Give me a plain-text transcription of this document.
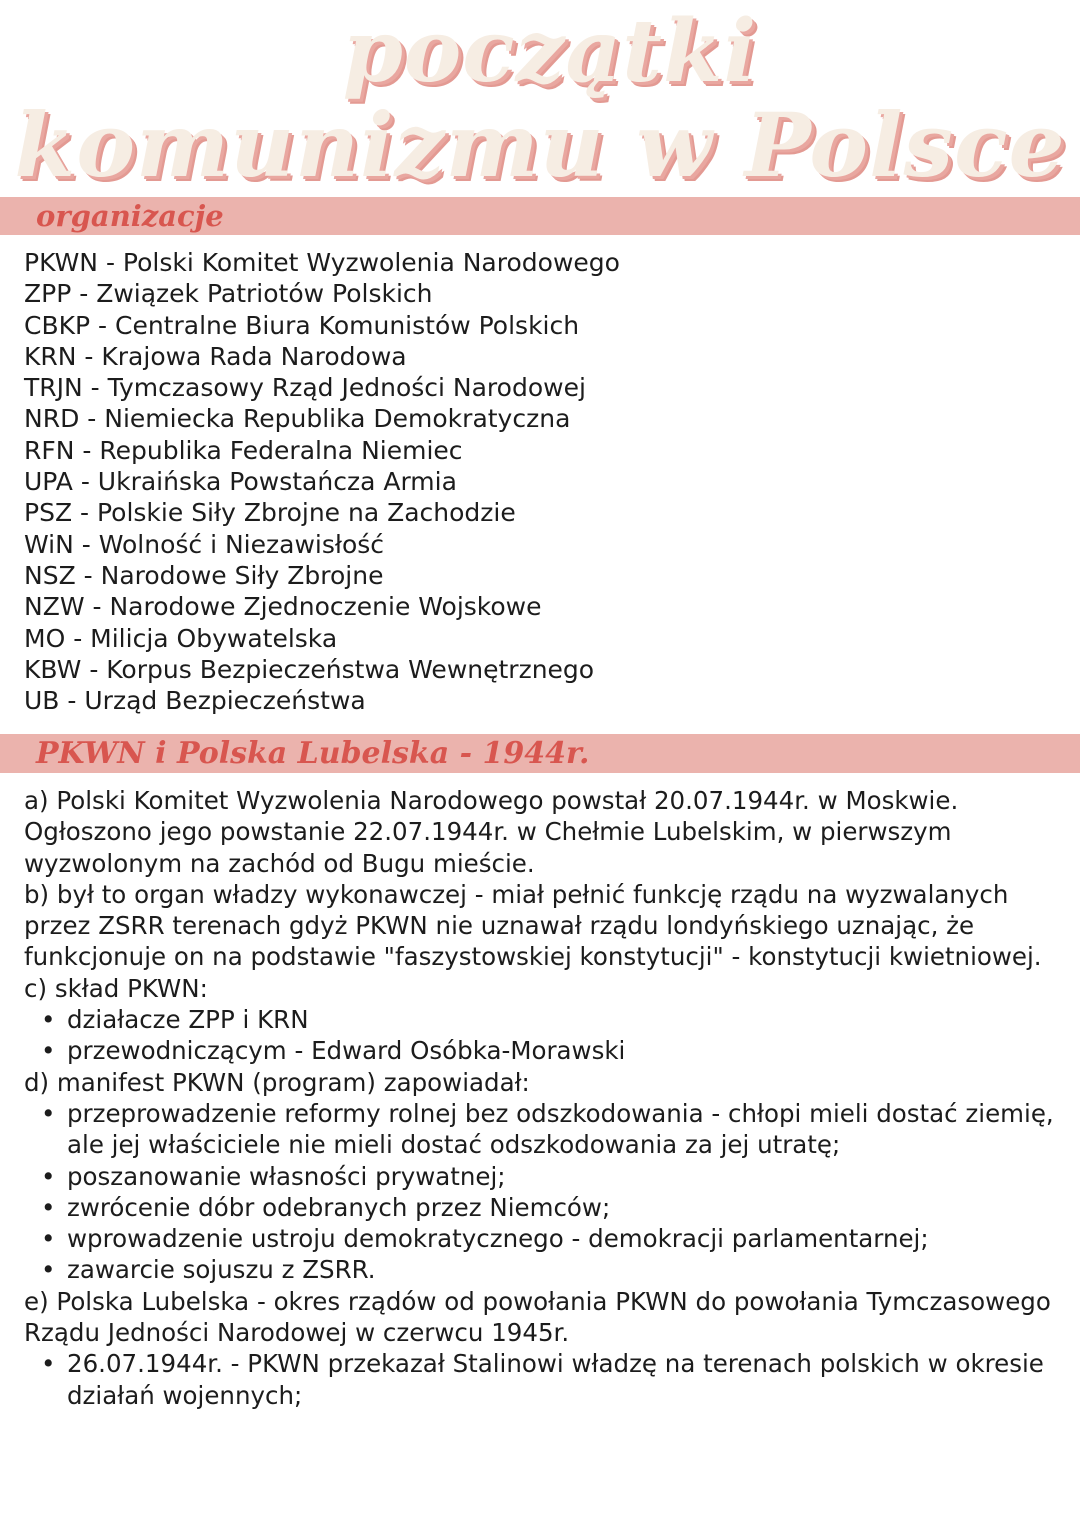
początki
komunizmu w Polsce
organizacje
PKWN - Polski Komitet Wyzwolenia Narodowego
ZPP - Związek Patriotów Polskich
CBKP - Centralne Biura Komunistów Polskich
KRN - Krajowa Rada Narodowa
TRJN - Tymczasowy Rząd Jedności Narodowej
NRD - Niemiecka Republika Demokratyczna
RFN - Republika Federalna Niemiec
UPA - Ukraińska Powstańcza Armia
PSZ - Polskie Siły Zbrojne na Zachodzie
WiN - Wolność i Niezawisłość
NSZ - Narodowe Siły Zbrojne
NZW - Narodowe Zjednoczenie Wojskowe
MO - Milicja Obywatelska
KBW - Korpus Bezpieczeństwa Wewnętrznego
UB - Urząd Bezpieczeństwa
PKWN i Polska Lubelska - 1944r.

a) Polski Komitet Wyzwolenia Narodowego powstał 20.07.1944r. w Moskwie. Ogłoszono jego powstanie 22.07.1944r. w Chełmie Lubelskim, w pierwszym wyzwolonym na zachód od Bugu mieście.

b) był to organ władzy wykonawczej - miał pełnić funkcję rządu na wyzwalanych przez ZSRR terenach gdyż PKWN nie uznawał rządu londyńskiego uznając, że funkcjonuje on na podstawie "faszystowskiej konstytucji" - konstytucji kwietniowej.

c) skład PKWN:

• działacze ZPP i KRN
• przewodniczącym - Edward Osóbka-Morawski

d) manifest PKWN (program) zapowiadał:

• przeprowadzenie reformy rolnej bez odszkodowania - chłopi mieli dostać ziemię, ale jej właściciele nie mieli dostać odszkodowania za jej utratę;
• poszanowanie własności prywatnej;
• zwrócenie dóbr odebranych przez Niemców;
• wprowadzenie ustroju demokratycznego - demokracji parlamentarnej;
• zawarcie sojuszu z ZSRR.

e) Polska Lubelska - okres rządów od powołania PKWN do powołania Tymczasowego Rządu Jedności Narodowej w czerwcu 1945r.

• 26.07.1944r. - PKWN przekazał Stalinowi władzę na terenach polskich w okresie działań wojennych;
